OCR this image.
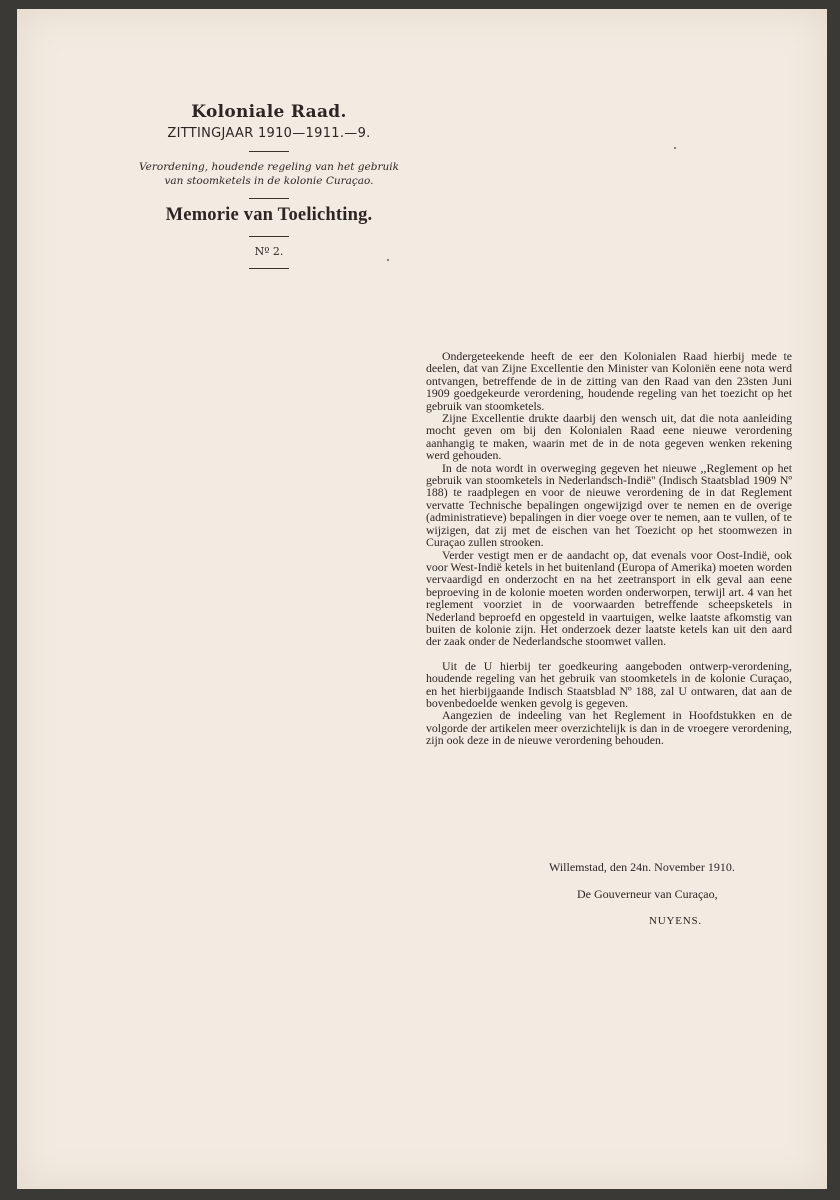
Koloniale Raad.
ZITTINGJAAR 1910—1911.—9.
Verordening, houdende regeling van het gebruik van stoomketels in de kolonie Curaçao.
Memorie van Toelichting.
Nº 2.

Ondergeteekende heeft de eer den Kolonialen Raad hierbij mede te deelen, dat van Zijne Excellentie den Minister van Koloniën eene nota werd ontvangen, betreffende de in de zitting van den Raad van den 23sten Juni 1909 goedgekeurde verordening, houdende regeling van het toezicht op het gebruik van stoomketels.

Zijne Excellentie drukte daarbij den wensch uit, dat die nota aanleiding mocht geven om bij den Kolonialen Raad eene nieuwe verordening aanhangig te maken, waarin met de in de nota gegeven wenken rekening werd gehouden.

In de nota wordt in overweging gegeven het nieuwe ,,Reglement op het gebruik van stoomketels in Nederlandsch-Indië'' (Indisch Staatsblad 1909 Nº 188) te raadplegen en voor de nieuwe verordening de in dat Reglement vervatte Technische bepalingen ongewijzigd over te nemen en de overige (administratieve) bepalingen in dier voege over te nemen, aan te vullen, of te wijzigen, dat zij met de eischen van het Toezicht op het stoomwezen in Curaçao zullen strooken.

Verder vestigt men er de aandacht op, dat evenals voor Oost-Indië, ook voor West-Indië ketels in het buitenland (Europa of Amerika) moeten worden vervaardigd en onderzocht en na het zeetransport in elk geval aan eene beproeving in de kolonie moeten worden onderworpen, terwijl art. 4 van het reglement voorziet in de voorwaarden betreffende scheepsketels in Nederland beproefd en opgesteld in vaartuigen, welke laatste afkomstig van buiten de kolonie zijn. Het onderzoek dezer laatste ketels kan uit den aard der zaak onder de Nederlandsche stoomwet vallen.

Uit de U hierbij ter goedkeuring aangeboden ontwerp-verordening, houdende regeling van het gebruik van stoomketels in de kolonie Curaçao, en het hierbijgaande Indisch Staatsblad Nº 188, zal U ontwaren, dat aan de bovenbedoelde wenken gevolg is gegeven.

Aangezien de indeeling van het Reglement in Hoofdstukken en de volgorde der artikelen meer overzichtelijk is dan in de vroegere verordening, zijn ook deze in de nieuwe verordening behouden.

Willemstad, den 24n. November 1910.
De Gouverneur van Curaçao,
NUYENS.
